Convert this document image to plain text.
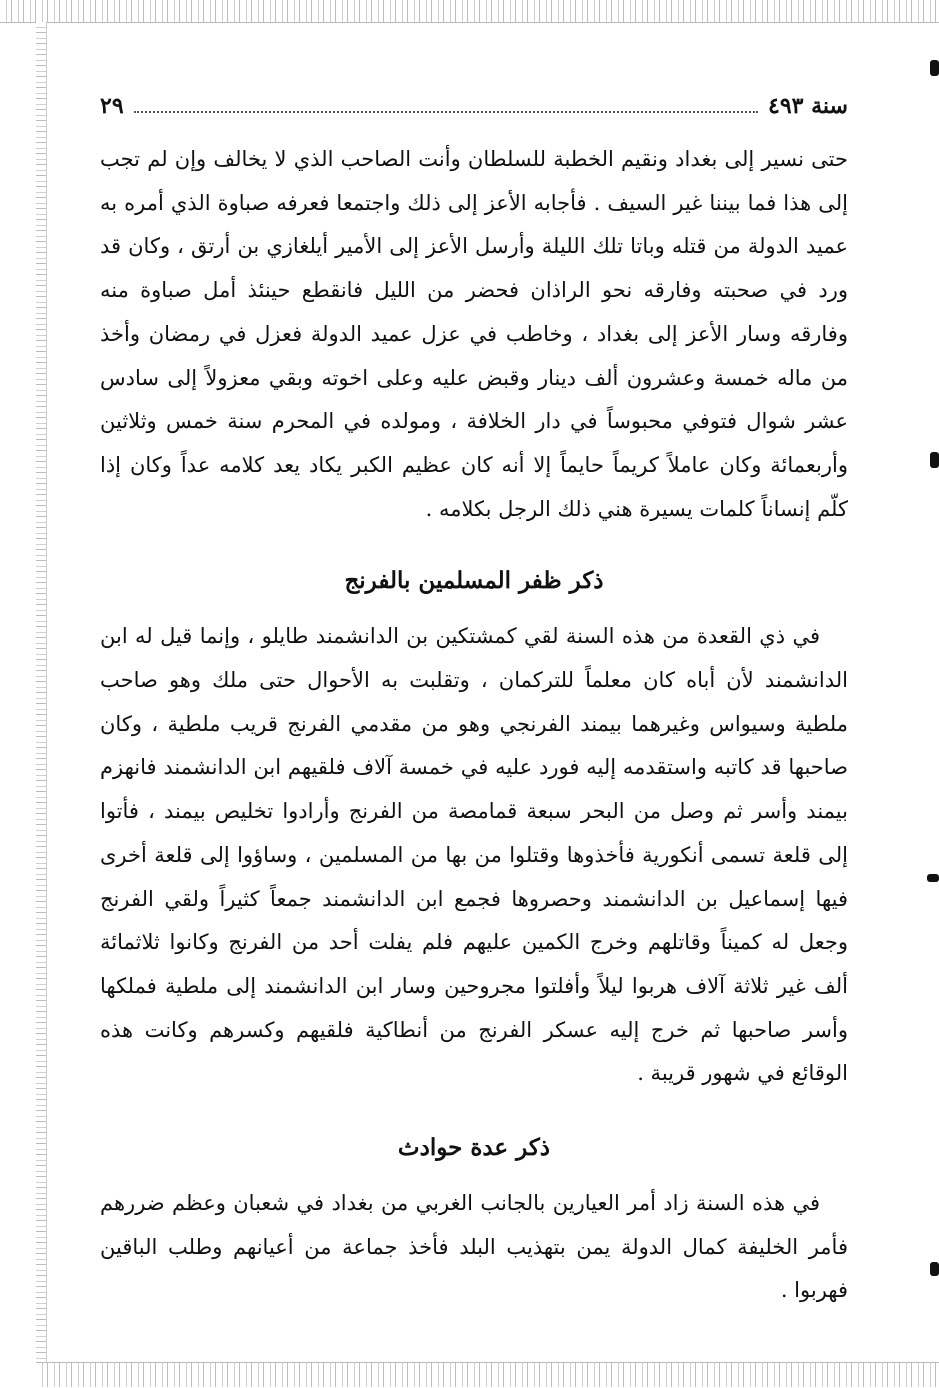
سنة ٤٩٣
٢٩

حتى نسير إلى بغداد ونقيم الخطبة للسلطان وأنت الصاحب الذي لا يخالف وإن لم تجب إلى هذا فما بيننا غير السيف . فأجابه الأعز إلى ذلك واجتمعا فعرفه صباوة الذي أمره به عميد الدولة من قتله وباتا تلك الليلة وأرسل الأعز إلى الأمير أيلغازي بن أرتق ، وكان قد ورد في صحبته وفارقه نحو الراذان فحضر من الليل فانقطع حينئذ أمل صباوة منه وفارقه وسار الأعز إلى بغداد ، وخاطب في عزل عميد الدولة فعزل في رمضان وأخذ من ماله خمسة وعشرون ألف دينار وقبض عليه وعلى اخوته وبقي معزولاً إلى سادس عشر شوال فتوفي محبوساً في دار الخلافة ، ومولده في المحرم سنة خمس وثلاثين وأربعمائة وكان عاملاً كريماً حايماً إلا أنه كان عظيم الكبر يكاد يعد كلامه عداً وكان إذا كلّم إنساناً كلمات يسيرة هني ذلك الرجل بكلامه .

ذكر ظفر المسلمين بالفرنج

في ذي القعدة من هذه السنة لقي كمشتكين بن الدانشمند طايلو ، وإنما قيل له ابن الدانشمند لأن أباه كان معلماً للتركمان ، وتقلبت به الأحوال حتى ملك وهو صاحب ملطية وسيواس وغيرهما بيمند الفرنجي وهو من مقدمي الفرنج قريب ملطية ، وكان صاحبها قد كاتبه واستقدمه إليه فورد عليه في خمسة آلاف فلقيهم ابن الدانشمند فانهزم بيمند وأسر ثم وصل من البحر سبعة قمامصة من الفرنج وأرادوا تخليص بيمند ، فأتوا إلى قلعة تسمى أنكورية فأخذوها وقتلوا من بها من المسلمين ، وساؤوا إلى قلعة أخرى فيها إسماعيل بن الدانشمند وحصروها فجمع ابن الدانشمند جمعاً كثيراً ولقي الفرنج وجعل له كميناً وقاتلهم وخرج الكمين عليهم فلم يفلت أحد من الفرنج وكانوا ثلاثمائة ألف غير ثلاثة آلاف هربوا ليلاً وأفلتوا مجروحين وسار ابن الدانشمند إلى ملطية فملكها وأسر صاحبها ثم خرج إليه عسكر الفرنج من أنطاكية فلقيهم وكسرهم وكانت هذه الوقائع في شهور قريبة .

ذكر عدة حوادث

في هذه السنة زاد أمر العيارين بالجانب الغربي من بغداد في شعبان وعظم ضررهم فأمر الخليفة كمال الدولة يمن بتهذيب البلد فأخذ جماعة من أعيانهم وطلب الباقين فهربوا .
